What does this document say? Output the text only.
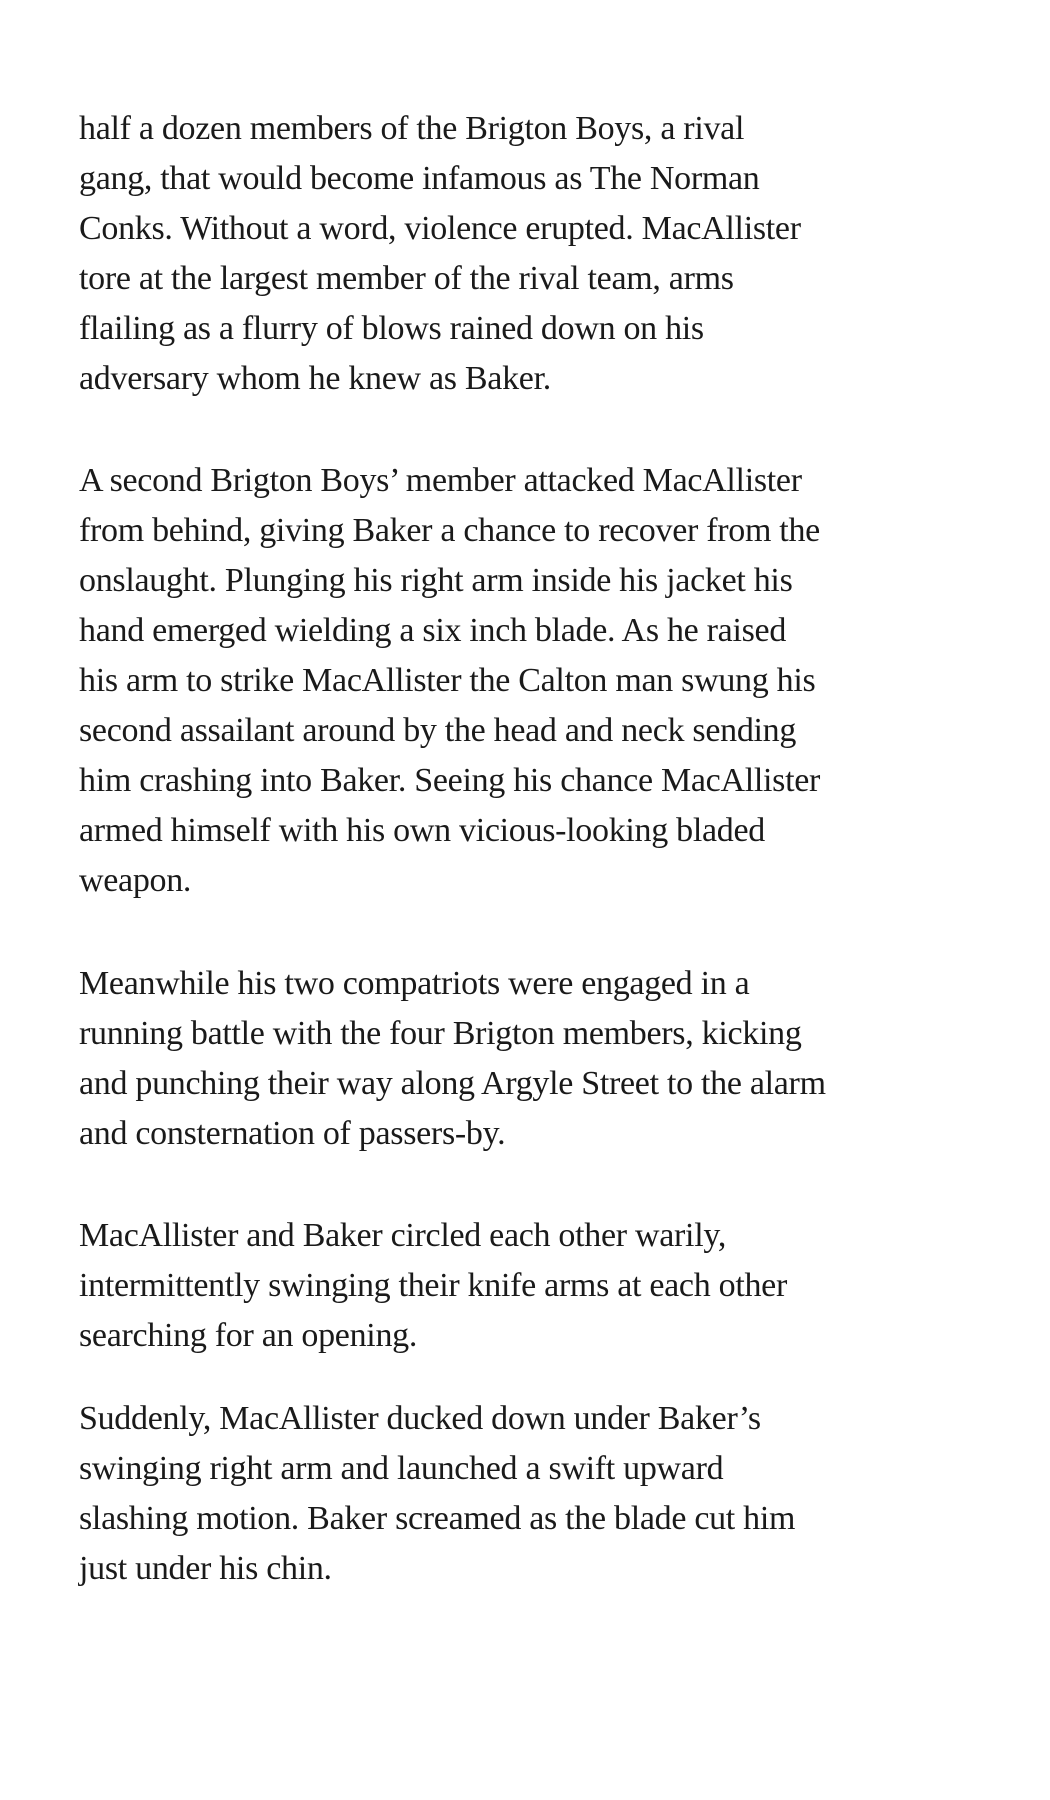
half a dozen members of the Brigton Boys, a rival
gang, that would become infamous as The Norman
Conks. Without a word, violence erupted. MacAllister
tore at the largest member of the rival team, arms
flailing as a flurry of blows rained down on his
adversary whom he knew as Baker.

A second Brigton Boys’ member attacked MacAllister
from behind, giving Baker a chance to recover from the
onslaught. Plunging his right arm inside his jacket his
hand emerged wielding a six inch blade. As he raised
his arm to strike MacAllister the Calton man swung his
second assailant around by the head and neck sending
him crashing into Baker. Seeing his chance MacAllister
armed himself with his own vicious-looking bladed
weapon.

Meanwhile his two compatriots were engaged in a
running battle with the four Brigton members, kicking
and punching their way along Argyle Street to the alarm
and consternation of passers-by.

MacAllister and Baker circled each other warily,
intermittently swinging their knife arms at each other
searching for an opening.

Suddenly, MacAllister ducked down under Baker’s
swinging right arm and launched a swift upward
slashing motion. Baker screamed as the blade cut him
just under his chin.
